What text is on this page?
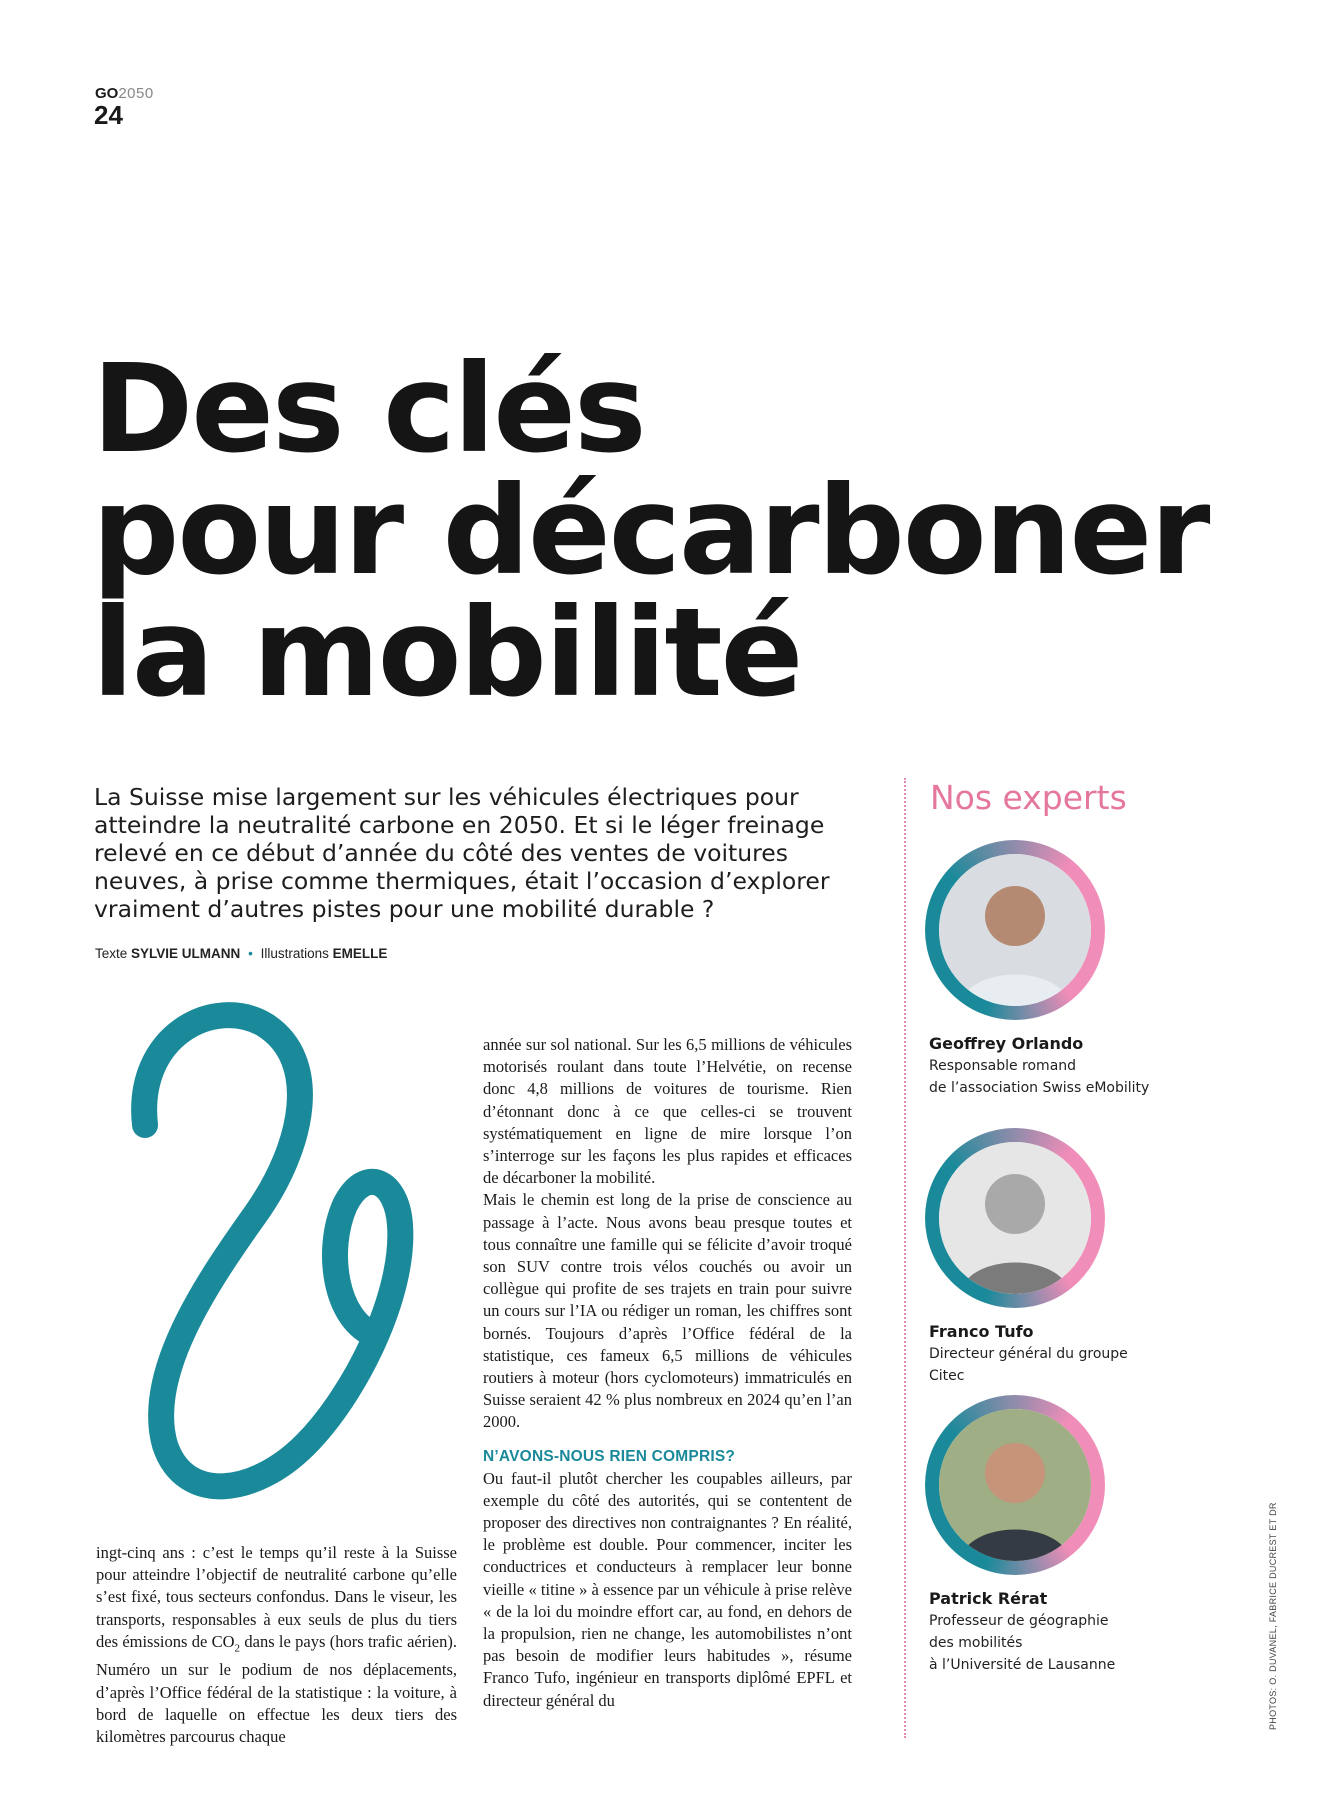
GO2050
24
Des clés
pour décarboner
la mobilité

La Suisse mise largement sur les véhicules électriques pour atteindre la neutralité carbone en 2050. Et si le léger freinage relevé en ce début d’année du côté des ventes de voitures neuves, à prise comme thermiques, était l’occasion d’explorer vraiment d’autres pistes pour une mobilité durable ?

Texte SYLVIE ULMANN • Illustrations EMELLE

ingt-cinq ans : c’est le temps qu’il reste à la Suisse pour atteindre l’objectif de neutralité carbone qu’elle s’est fixé, tous secteurs confondus. Dans le viseur, les transports, responsables à eux seuls de plus du tiers des émissions de $CO_2$ dans le pays (hors trafic aérien). Numéro un sur le podium de nos déplacements, d’après l’Office fédéral de la statistique : la voiture, à bord de laquelle on effectue les deux tiers des kilomètres parcourus chaque

année sur sol national. Sur les 6,5 millions de véhicules motorisés roulant dans toute l’Helvétie, on recense donc 4,8 millions de voitures de tourisme. Rien d’étonnant donc à ce que celles-ci se trouvent systématiquement en ligne de mire lorsque l’on s’interroge sur les façons les plus rapides et efficaces de décarboner la mobilité.

Mais le chemin est long de la prise de conscience au passage à l’acte. Nous avons beau presque toutes et tous connaître une famille qui se félicite d’avoir troqué son SUV contre trois vélos couchés ou avoir un collègue qui profite de ses trajets en train pour suivre un cours sur l’IA ou rédiger un roman, les chiffres sont bornés. Toujours d’après l’Office fédéral de la statistique, ces fameux 6,5 millions de véhicules routiers à moteur (hors cyclomoteurs) immatriculés en Suisse seraient 42 % plus nombreux en 2024 qu’en l’an 2000.

N’AVONS-NOUS RIEN COMPRIS?

Ou faut-il plutôt chercher les coupables ailleurs, par exemple du côté des autorités, qui se contentent de proposer des directives non contraignantes ? En réalité, le problème est double. Pour commencer, inciter les conductrices et conducteurs à remplacer leur bonne vieille « titine » à essence par un véhicule à prise relève « de la loi du moindre effort car, au fond, en dehors de la propulsion, rien ne change, les automobilistes n’ont pas besoin de modifier leurs habitudes », résume Franco Tufo, ingénieur en transports diplômé EPFL et directeur général du

Nos experts

Geoffrey Orlando

Responsable romand
de l’association Swiss eMobility

Franco Tufo

Directeur général du groupe Citec

Patrick Rérat

Professeur de géographie
des mobilités
à l’Université de Lausanne	PHOTOS: O. DUVANEL, FABRICE DUCREST ET DR
